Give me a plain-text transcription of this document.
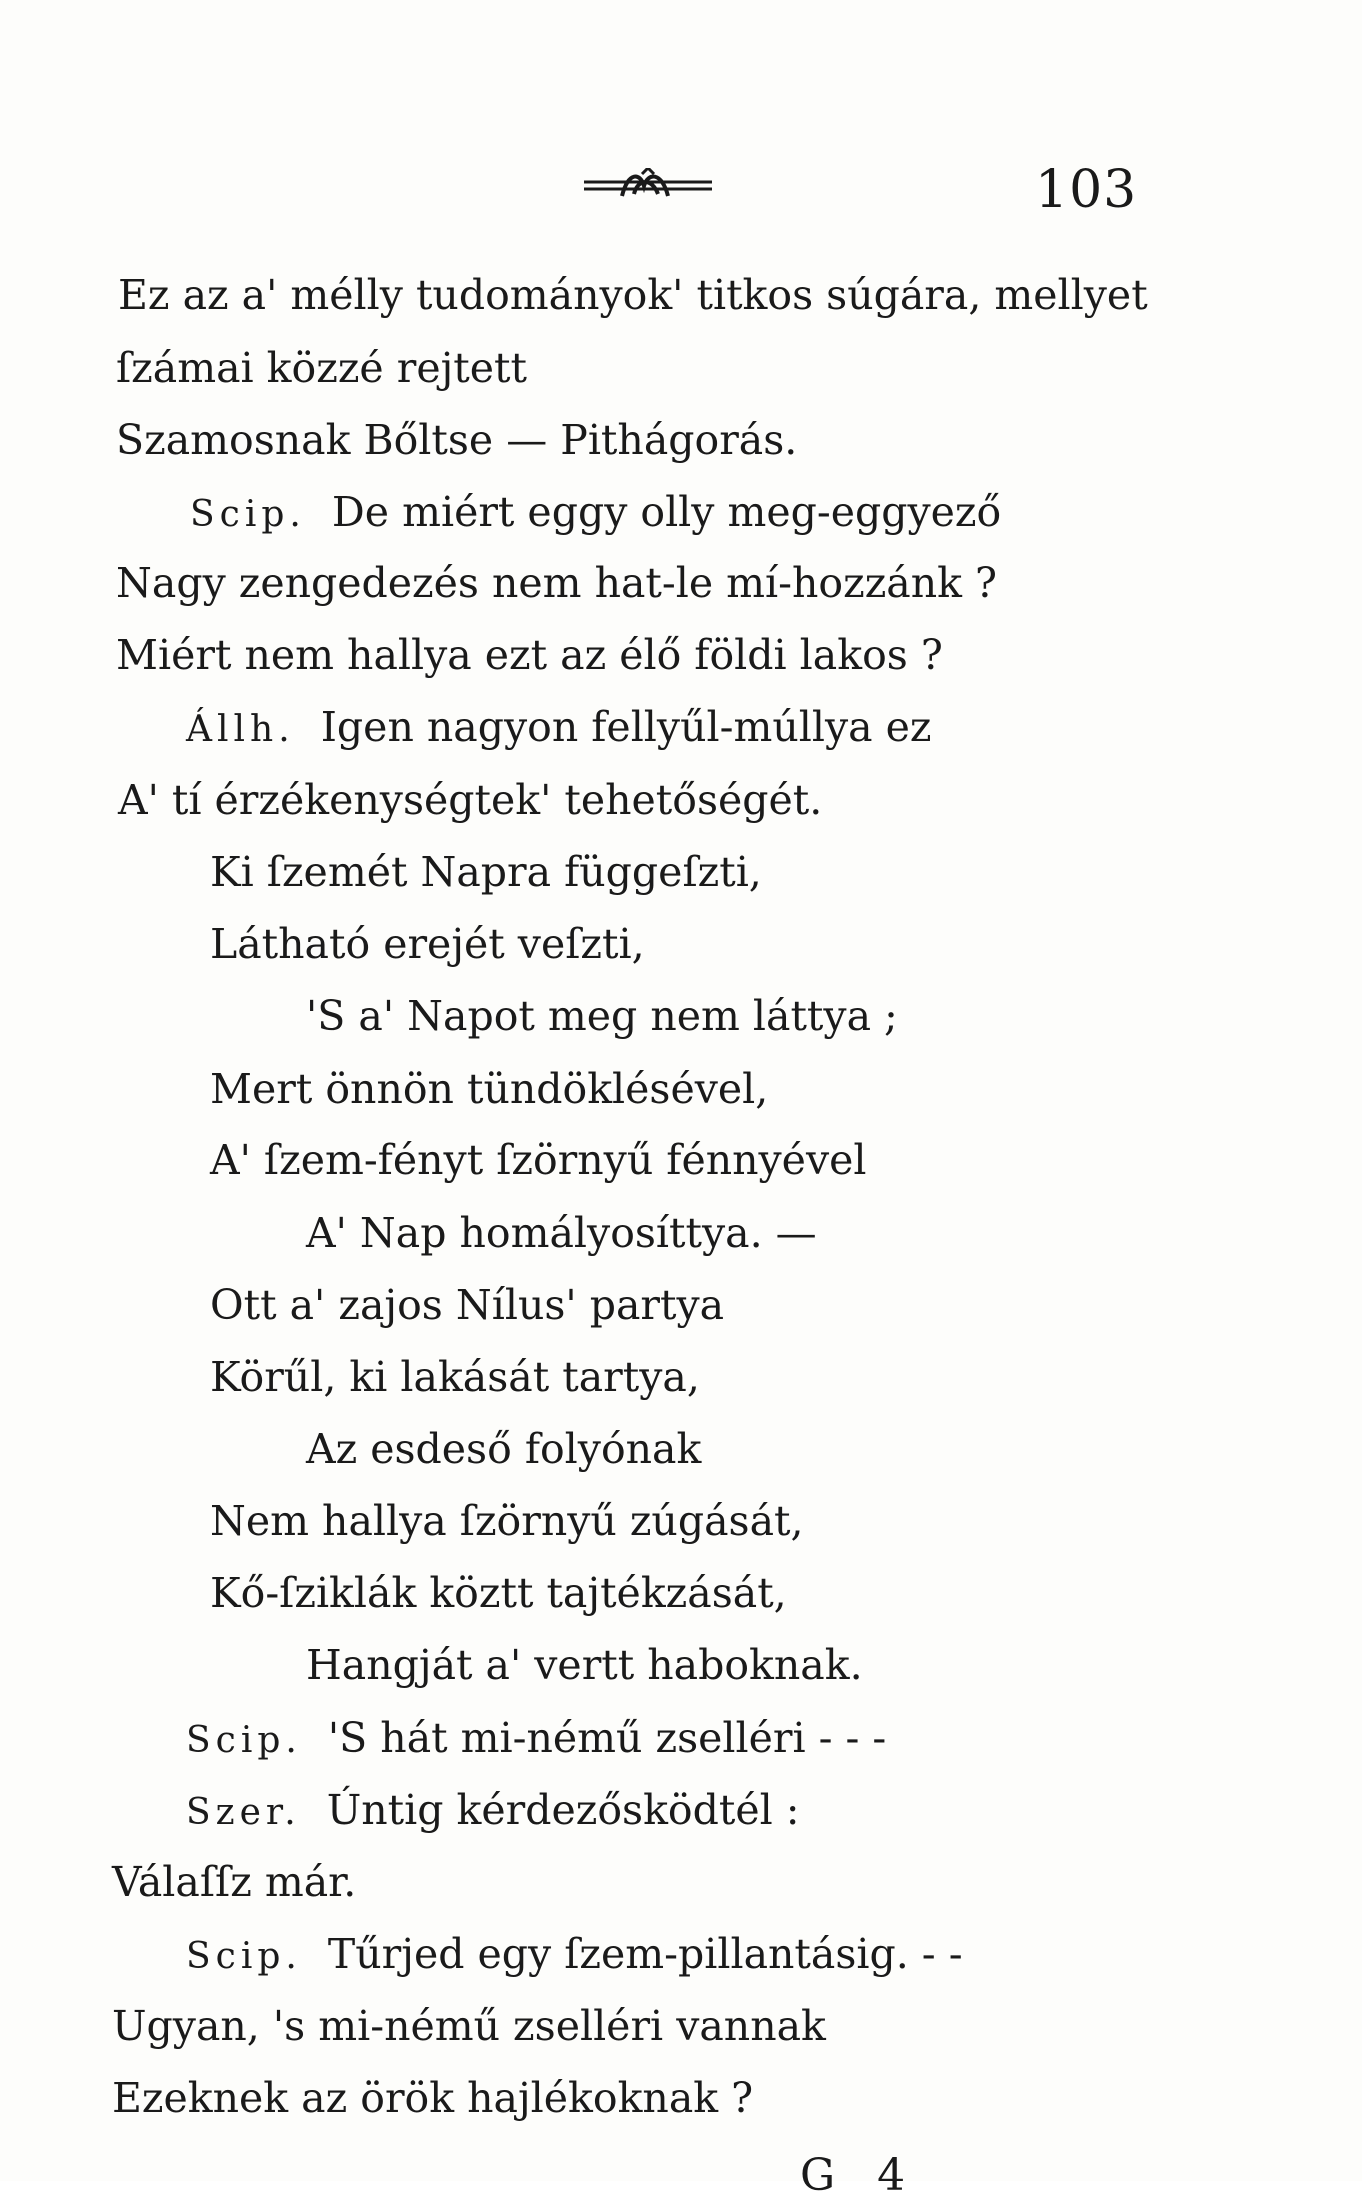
103
Ez az a' mélly tudományok' titkos súgára, mellyet
ſzámai közzé rejtett
Szamosnak Bőltse — Pithágorás.
Scip. De miért eggy olly meg-eggyező
Nagy zengedezés nem hat-le mí-hozzánk ?
Miért nem hallya ezt az élő földi lakos ?
Állh. Igen nagyon fellyűl-múllya ez
A' tí érzékenységtek' tehetőségét.
Ki ſzemét Napra függeſzti,
Látható erejét veſzti,
'S a' Napot meg nem láttya ;
Mert önnön tündöklésével,
A' ſzem-fényt ſzörnyű fénnyével
A' Nap homályosíttya. —
Ott a' zajos Nílus' partya
Körűl, ki lakását tartya,
Az esdeső folyónak
Nem hallya ſzörnyű zúgását,
Kő-ſziklák köztt tajtékzását,
Hangját a' vertt haboknak.
Scip. 'S hát mi-némű zselléri - - -
Szer. Úntig kérdezősködtél :
Válaſſz már.
Scip. Tűrjed egy ſzem-pillantásig. - -
Ugyan, 's mi-némű zselléri vannak
Ezeknek az örök hajlékoknak ?
G 4
